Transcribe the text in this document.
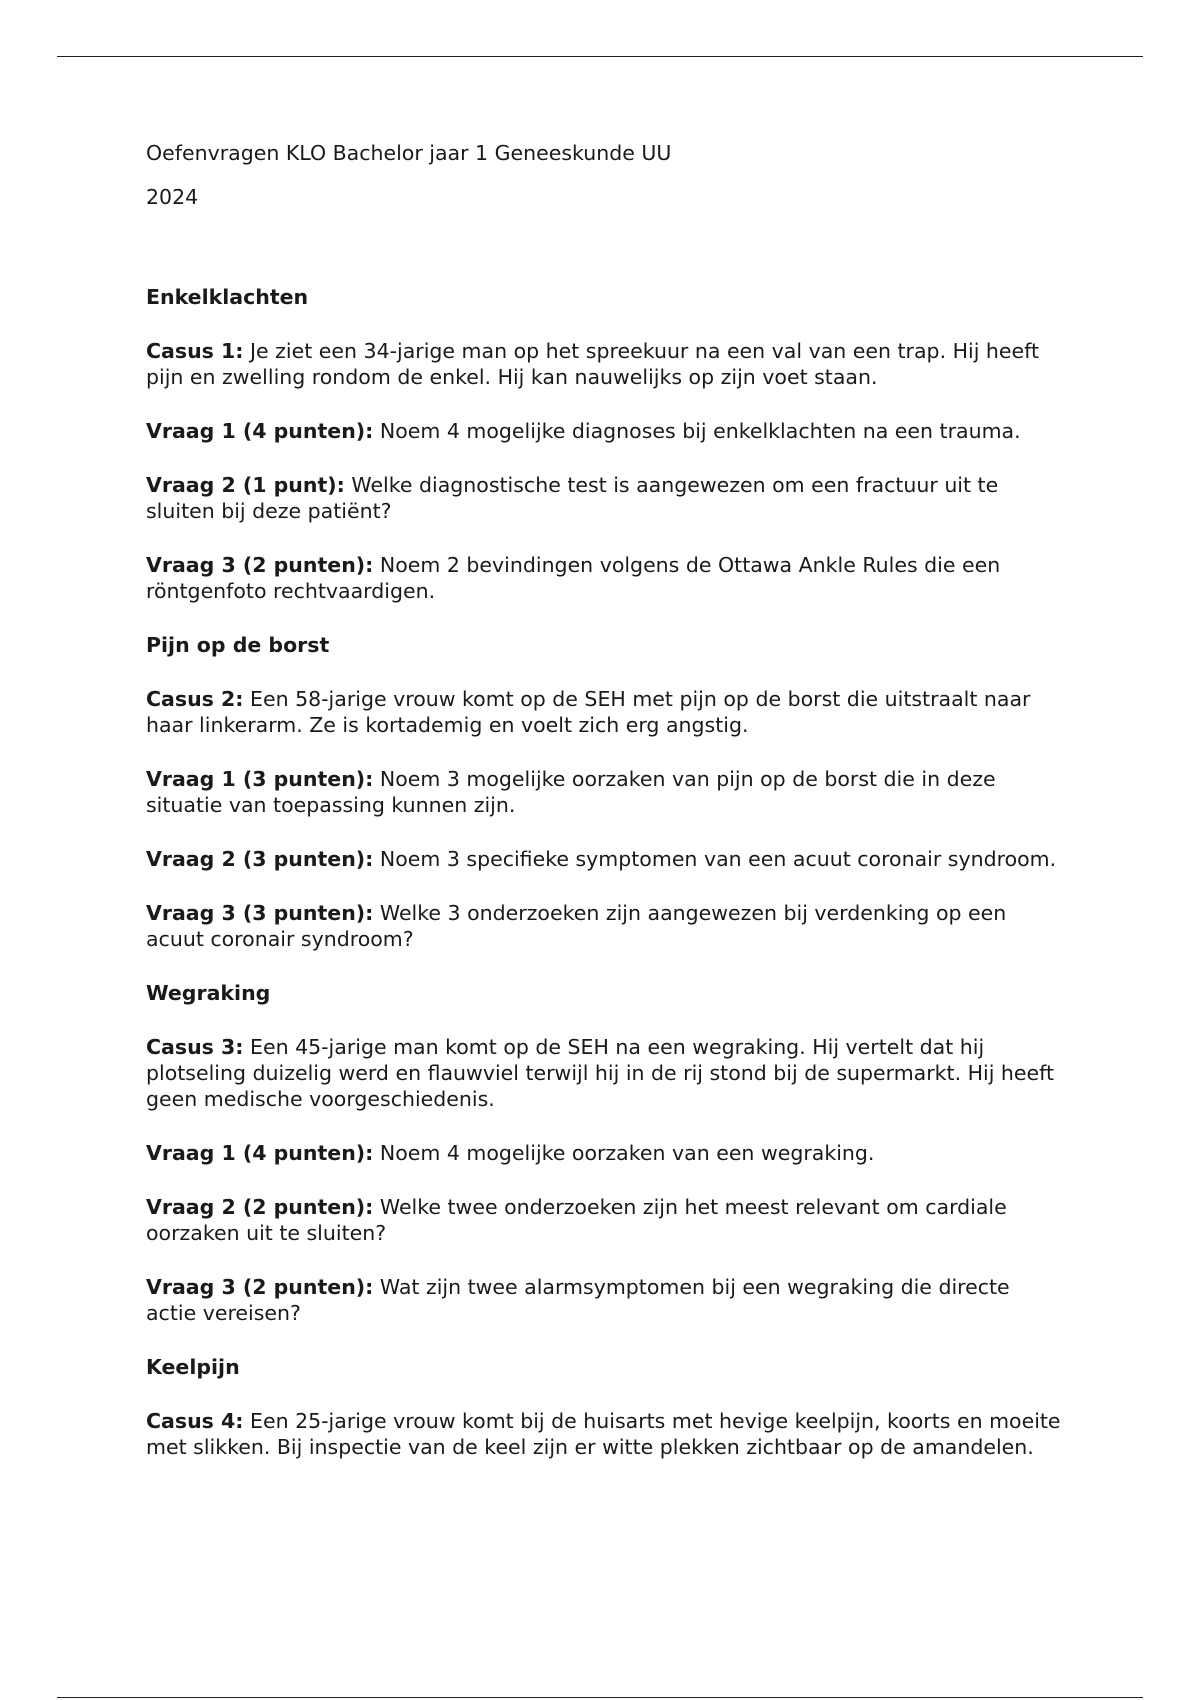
Oefenvragen KLO Bachelor jaar 1 Geneeskunde UU

2024

Enkelklachten

Casus 1: Je ziet een 34-jarige man op het spreekuur na een val van een trap. Hij heeft pijn en zwelling rondom de enkel. Hij kan nauwelijks op zijn voet staan.

Vraag 1 (4 punten): Noem 4 mogelijke diagnoses bij enkelklachten na een trauma.

Vraag 2 (1 punt): Welke diagnostische test is aangewezen om een fractuur uit te sluiten bij deze patiënt?

Vraag 3 (2 punten): Noem 2 bevindingen volgens de Ottawa Ankle Rules die een röntgenfoto rechtvaardigen.

Pijn op de borst

Casus 2: Een 58-jarige vrouw komt op de SEH met pijn op de borst die uitstraalt naar haar linkerarm. Ze is kortademig en voelt zich erg angstig.

Vraag 1 (3 punten): Noem 3 mogelijke oorzaken van pijn op de borst die in deze situatie van toepassing kunnen zijn.

Vraag 2 (3 punten): Noem 3 specifieke symptomen van een acuut coronair syndroom.

Vraag 3 (3 punten): Welke 3 onderzoeken zijn aangewezen bij verdenking op een acuut coronair syndroom?

Wegraking

Casus 3: Een 45-jarige man komt op de SEH na een wegraking. Hij vertelt dat hij plotseling duizelig werd en flauwviel terwijl hij in de rij stond bij de supermarkt. Hij heeft geen medische voorgeschiedenis.

Vraag 1 (4 punten): Noem 4 mogelijke oorzaken van een wegraking.

Vraag 2 (2 punten): Welke twee onderzoeken zijn het meest relevant om cardiale oorzaken uit te sluiten?

Vraag 3 (2 punten): Wat zijn twee alarmsymptomen bij een wegraking die directe actie vereisen?

Keelpijn

Casus 4: Een 25-jarige vrouw komt bij de huisarts met hevige keelpijn, koorts en moeite met slikken. Bij inspectie van de keel zijn er witte plekken zichtbaar op de amandelen.
